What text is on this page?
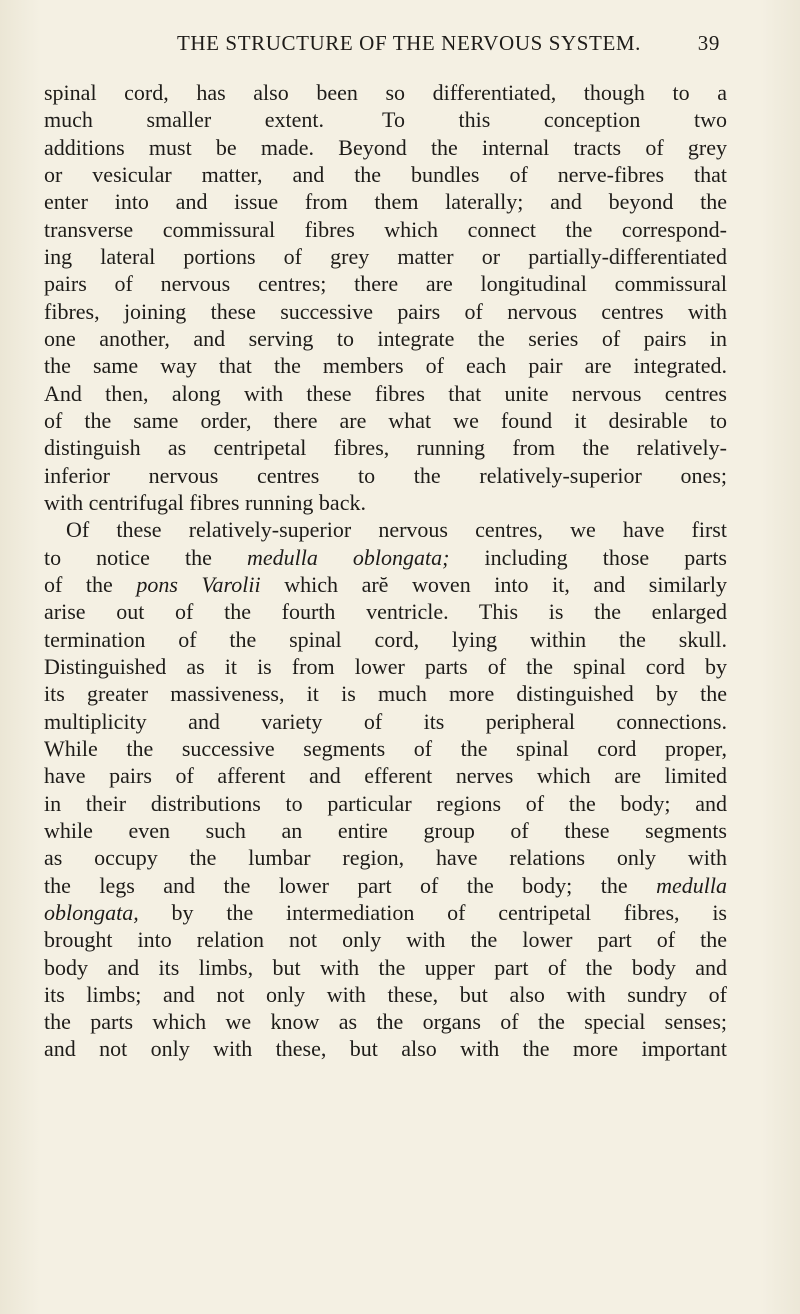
THE STRUCTURE OF THE NERVOUS SYSTEM.	39
spinal cord, has also been so differentiated, though to a
much smaller extent.	To this conception two
additions must be made. Beyond the internal tracts of grey
or vesicular matter, and the bundles of nerve-fibres that
enter into and issue from them laterally; and beyond the
transverse commissural fibres which connect the correspond-
ing lateral portions of grey matter or partially-differentiated
pairs of nervous centres; there are longitudinal commissural
fibres, joining these successive pairs of nervous centres with
one another, and serving to integrate the series of pairs in
the same way that the members of each pair are integrated.
And then, along with these fibres that unite nervous centres
of the same order, there are what we found it desirable to
distinguish as centripetal fibres, running from the relatively-
inferior nervous centres to the relatively-superior ones;
with centrifugal fibres running back.
Of these relatively-superior nervous centres, we have first
to notice the medulla oblongata; including those parts
of the pons Varolii which arĕ woven into it, and similarly
arise out of the fourth ventricle. This is the enlarged
termination of the spinal cord, lying within the skull.
Distinguished as it is from lower parts of the spinal cord by
its greater massiveness, it is much more distinguished by the
multiplicity and variety of its peripheral connections.
While the successive segments of the spinal cord proper,
have pairs of afferent and efferent nerves which are limited
in their distributions to particular regions of the body; and
while even such an entire group of these segments
as occupy the lumbar region, have relations only with
the legs and the lower part of the body; the medulla
oblongata, by the intermediation of centripetal fibres, is
brought into relation not only with the lower part of the
body and its limbs, but with the upper part of the body and
its limbs; and not only with these, but also with sundry of
the parts which we know as the organs of the special senses;
and not only with these, but also with the more important
